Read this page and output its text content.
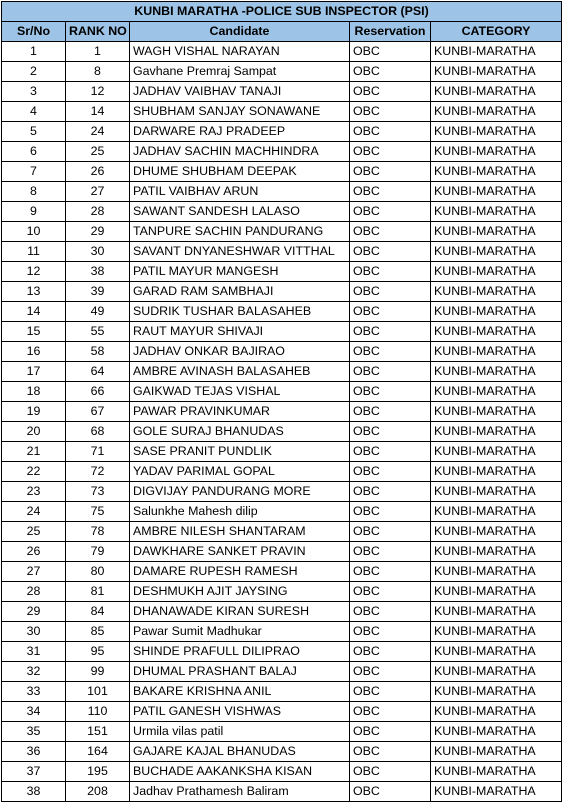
KUNBI MARATHA -POLICE SUB INSPECTOR (PSI)				
Sr/No	RANK NO	Candidate	Reservation	CATEGORY
1	1	WAGH VISHAL NARAYAN	OBC	KUNBI-MARATHA
2	8	Gavhane Premraj Sampat	OBC	KUNBI-MARATHA
3	12	JADHAV VAIBHAV TANAJI	OBC	KUNBI-MARATHA
4	14	SHUBHAM SANJAY SONAWANE	OBC	KUNBI-MARATHA
5	24	DARWARE RAJ PRADEEP	OBC	KUNBI-MARATHA
6	25	JADHAV SACHIN MACHHINDRA	OBC	KUNBI-MARATHA
7	26	DHUME SHUBHAM DEEPAK	OBC	KUNBI-MARATHA
8	27	PATIL VAIBHAV ARUN	OBC	KUNBI-MARATHA
9	28	SAWANT SANDESH LALASO	OBC	KUNBI-MARATHA
10	29	TANPURE SACHIN PANDURANG	OBC	KUNBI-MARATHA
11	30	SAVANT DNYANESHWAR VITTHAL	OBC	KUNBI-MARATHA
12	38	PATIL MAYUR MANGESH	OBC	KUNBI-MARATHA
13	39	GARAD RAM SAMBHAJI	OBC	KUNBI-MARATHA
14	49	SUDRIK TUSHAR BALASAHEB	OBC	KUNBI-MARATHA
15	55	RAUT MAYUR SHIVAJI	OBC	KUNBI-MARATHA
16	58	JADHAV ONKAR BAJIRAO	OBC	KUNBI-MARATHA
17	64	AMBRE AVINASH BALASAHEB	OBC	KUNBI-MARATHA
18	66	GAIKWAD TEJAS VISHAL	OBC	KUNBI-MARATHA
19	67	PAWAR PRAVINKUMAR	OBC	KUNBI-MARATHA
20	68	GOLE SURAJ BHANUDAS	OBC	KUNBI-MARATHA
21	71	SASE PRANIT PUNDLIK	OBC	KUNBI-MARATHA
22	72	YADAV PARIMAL GOPAL	OBC	KUNBI-MARATHA
23	73	DIGVIJAY PANDURANG MORE	OBC	KUNBI-MARATHA
24	75	Salunkhe Mahesh dilip	OBC	KUNBI-MARATHA
25	78	AMBRE NILESH SHANTARAM	OBC	KUNBI-MARATHA
26	79	DAWKHARE SANKET PRAVIN	OBC	KUNBI-MARATHA
27	80	DAMARE RUPESH RAMESH	OBC	KUNBI-MARATHA
28	81	DESHMUKH AJIT JAYSING	OBC	KUNBI-MARATHA
29	84	DHANAWADE KIRAN SURESH	OBC	KUNBI-MARATHA
30	85	Pawar Sumit Madhukar	OBC	KUNBI-MARATHA
31	95	SHINDE PRAFULL DILIPRAO	OBC	KUNBI-MARATHA
32	99	DHUMAL PRASHANT BALAJ	OBC	KUNBI-MARATHA
33	101	BAKARE KRISHNA ANIL	OBC	KUNBI-MARATHA
34	110	PATIL GANESH VISHWAS	OBC	KUNBI-MARATHA
35	151	Urmila vilas patil	OBC	KUNBI-MARATHA
36	164	GAJARE KAJAL BHANUDAS	OBC	KUNBI-MARATHA
37	195	BUCHADE AAKANKSHA KISAN	OBC	KUNBI-MARATHA
38	208	Jadhav Prathamesh Baliram	OBC	KUNBI-MARATHA
